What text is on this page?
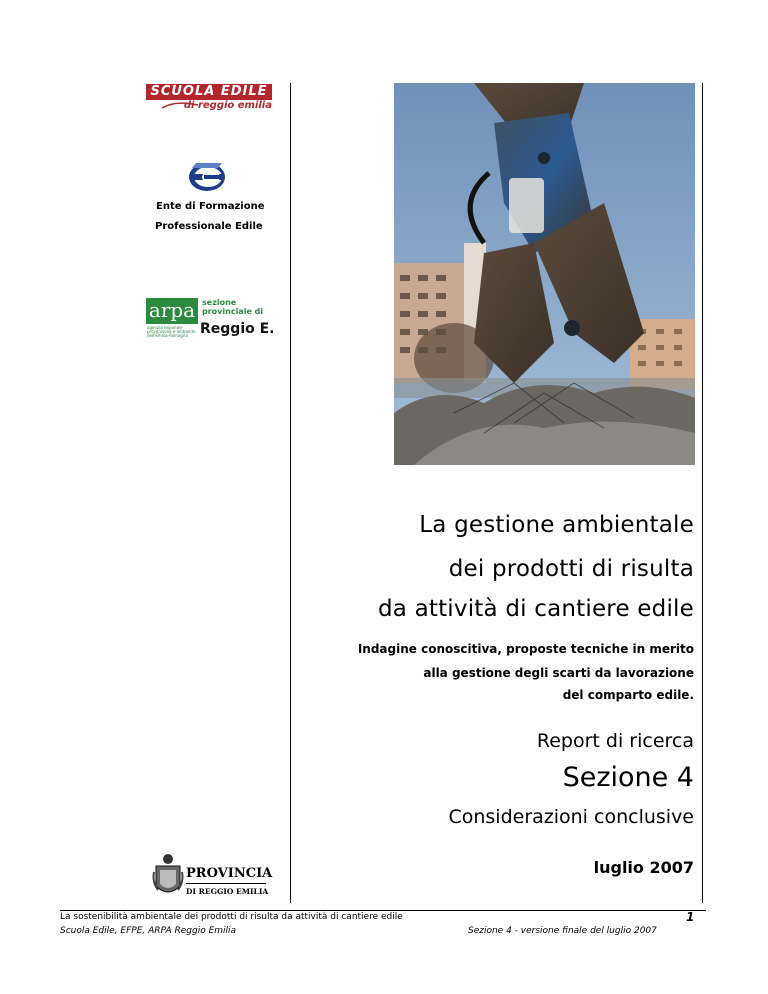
SCUOLA EDILE
di reggio emilia
Ente di Formazione
Professionale Edile
arpa
agenzia regionale prevenzione e ambiente dell'Emilia-Romagna
sezione
provinciale di
Reggio E.
La gestione ambientale
dei prodotti di risulta
da attività di cantiere edile
Indagine conoscitiva, proposte tecniche in merito
alla gestione degli scarti da lavorazione
del comparto edile.
Report di ricerca
Sezione 4
Considerazioni conclusive
luglio 2007
PROVINCIA
DI REGGIO EMILIA
La sostenibilità ambientale dei prodotti di risulta da attività di cantiere edile
Scuola Edile, EFPE, ARPA Reggio Emilia
1
Sezione 4 - versione finale del luglio 2007
